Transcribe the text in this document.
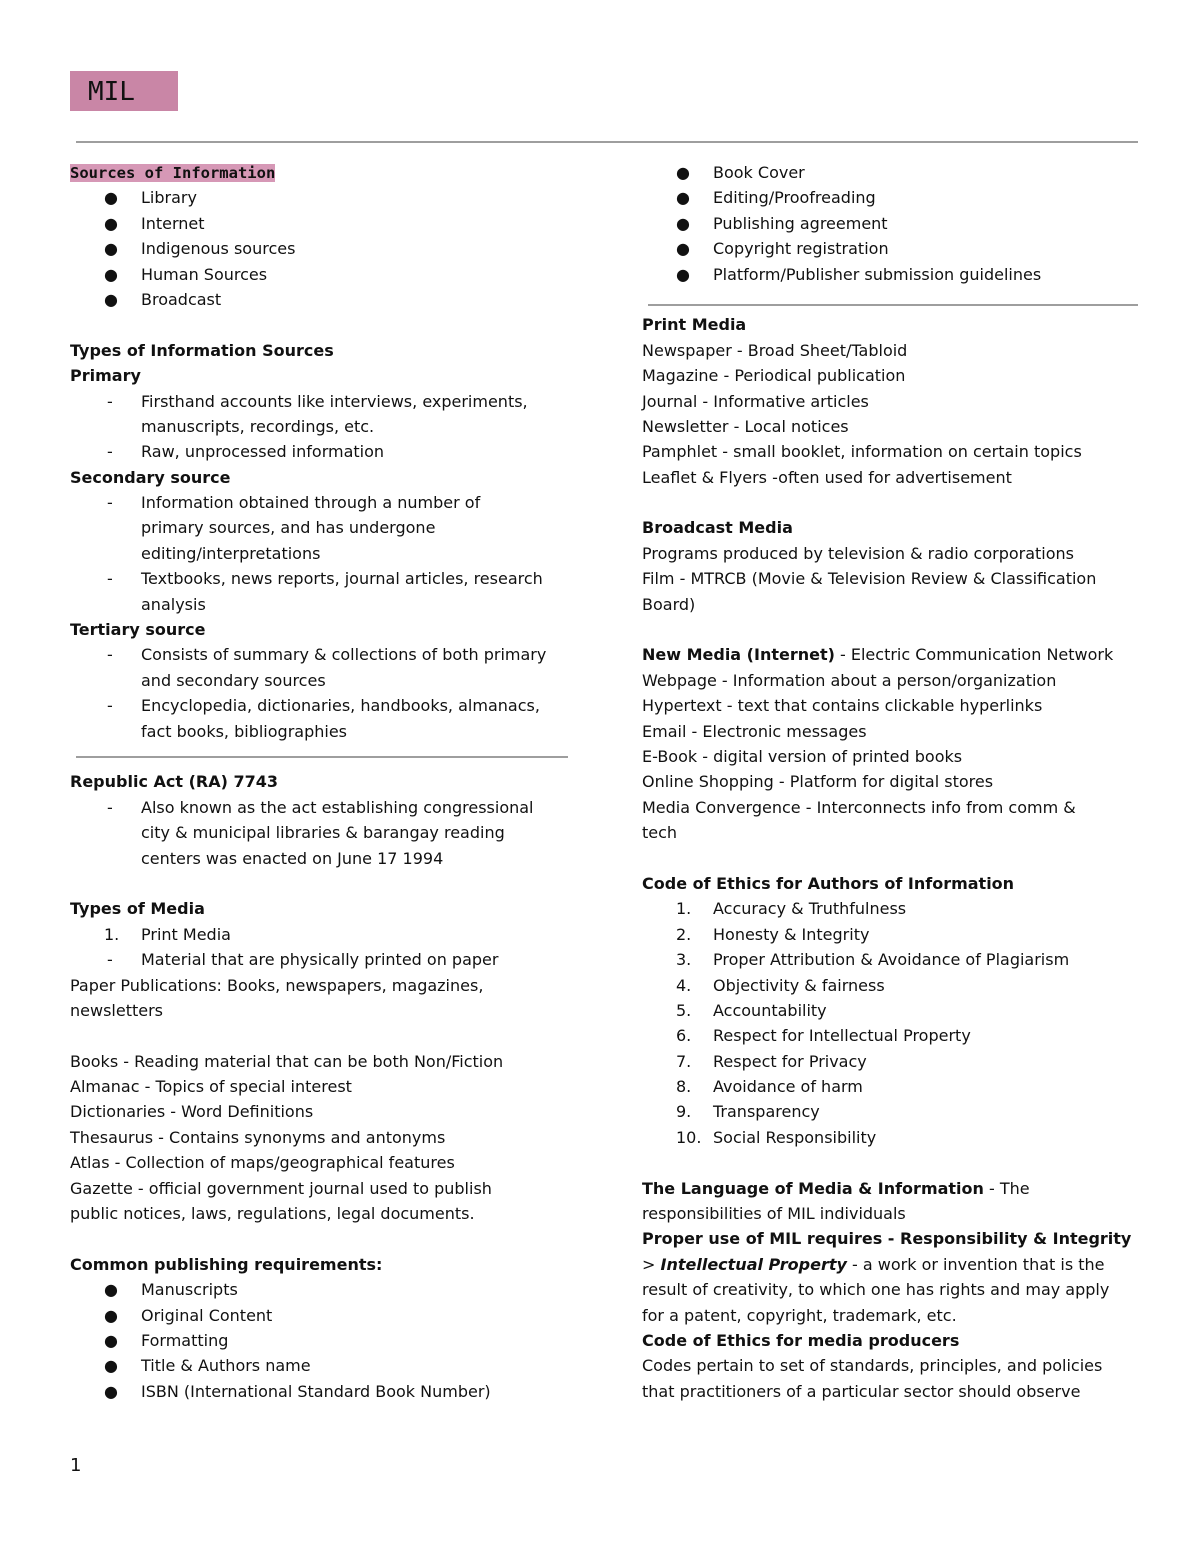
MIL
Sources of Information
● Library
● Internet
● Indigenous sources
● Human Sources
● Broadcast
Types of Information Sources
Primary
- Firsthand accounts like interviews, experiments,
manuscripts, recordings, etc.
- Raw, unprocessed information
Secondary source
- Information obtained through a number of
primary sources, and has undergone
editing/interpretations
- Textbooks, news reports, journal articles, research
analysis
Tertiary source
- Consists of summary & collections of both primary
and secondary sources
- Encyclopedia, dictionaries, handbooks, almanacs,
fact books, bibliographies
Republic Act (RA) 7743
- Also known as the act establishing congressional
city & municipal libraries & barangay reading
centers was enacted on June 17 1994
Types of Media
1. Print Media
- Material that are physically printed on paper
Paper Publications: Books, newspapers, magazines,
newsletters
Books - Reading material that can be both Non/Fiction
Almanac - Topics of special interest
Dictionaries - Word Definitions
Thesaurus - Contains synonyms and antonyms
Atlas - Collection of maps/geographical features
Gazette - official government journal used to publish
public notices, laws, regulations, legal documents.
Common publishing requirements:
● Manuscripts
● Original Content
● Formatting
● Title & Authors name
● ISBN (International Standard Book Number)
● Book Cover
● Editing/Proofreading
● Publishing agreement
● Copyright registration
● Platform/Publisher submission guidelines
Print Media
Newspaper - Broad Sheet/Tabloid
Magazine - Periodical publication
Journal - Informative articles
Newsletter - Local notices
Pamphlet - small booklet, information on certain topics
Leaflet & Flyers -often used for advertisement
Broadcast Media
Programs produced by television & radio corporations
Film - MTRCB (Movie & Television Review & Classification
Board)
New Media (Internet) - Electric Communication Network
Webpage - Information about a person/organization
Hypertext - text that contains clickable hyperlinks
Email - Electronic messages
E-Book - digital version of printed books
Online Shopping - Platform for digital stores
Media Convergence - Interconnects info from comm &
tech
Code of Ethics for Authors of Information
1. Accuracy & Truthfulness
2. Honesty & Integrity
3. Proper Attribution & Avoidance of Plagiarism
4. Objectivity & fairness
5. Accountability
6. Respect for Intellectual Property
7. Respect for Privacy
8. Avoidance of harm
9. Transparency
10. Social Responsibility
The Language of Media & Information - The
responsibilities of MIL individuals
Proper use of MIL requires - Responsibility & Integrity
> Intellectual Property - a work or invention that is the
result of creativity, to which one has rights and may apply
for a patent, copyright, trademark, etc.
Code of Ethics for media producers
Codes pertain to set of standards, principles, and policies
that practitioners of a particular sector should observe
1
